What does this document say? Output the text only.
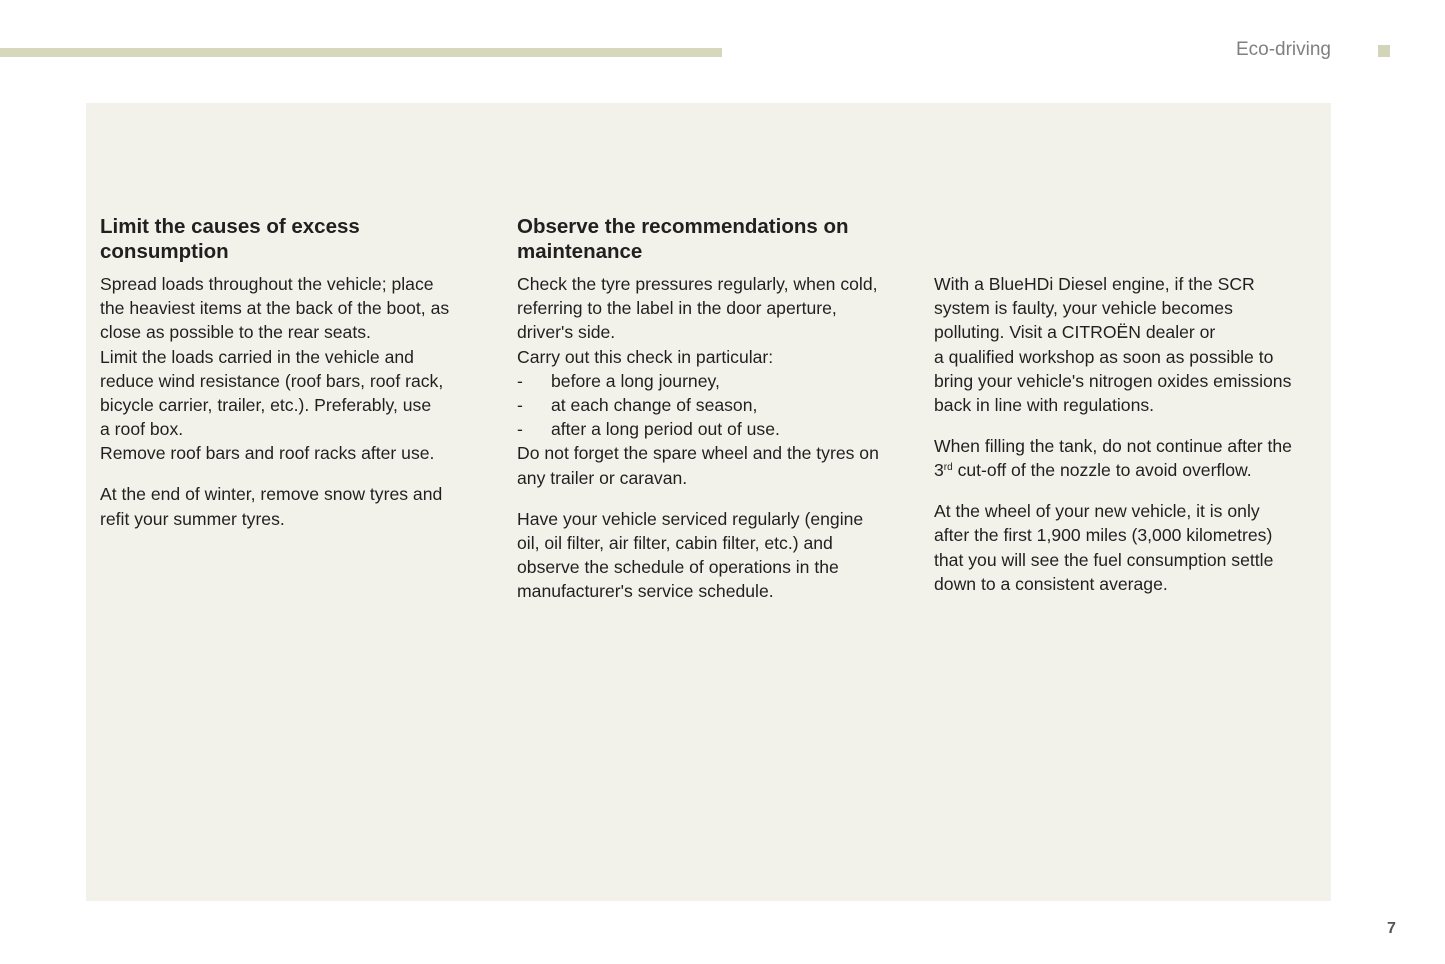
Eco-driving
Limit the causes of excess
consumption

Spread loads throughout the vehicle; place
the heaviest items at the back of the boot, as
close as possible to the rear seats.
Limit the loads carried in the vehicle and
reduce wind resistance (roof bars, roof rack,
bicycle carrier, trailer, etc.). Preferably, use
a roof box.
Remove roof bars and roof racks after use.

At the end of winter, remove snow tyres and
refit your summer tyres.

Observe the recommendations on
maintenance
Check the tyre pressures regularly, when cold,
referring to the label in the door aperture,
driver's side.
Carry out this check in particular:
- before a long journey,
- at each change of season,
- after a long period out of use.
Do not forget the spare wheel and the tyres on
any trailer or caravan.

Have your vehicle serviced regularly (engine
oil, oil filter, air filter, cabin filter, etc.) and
observe the schedule of operations in the
manufacturer's service schedule.

With a BlueHDi Diesel engine, if the SCR
system is faulty, your vehicle becomes
polluting. Visit a CITROËN dealer or
a qualified workshop as soon as possible to
bring your vehicle's nitrogen oxides emissions
back in line with regulations.

When filling the tank, do not continue after the
3rd cut-off of the nozzle to avoid overflow.

At the wheel of your new vehicle, it is only
after the first 1,900 miles (3,000 kilometres)
that you will see the fuel consumption settle
down to a consistent average.

7
